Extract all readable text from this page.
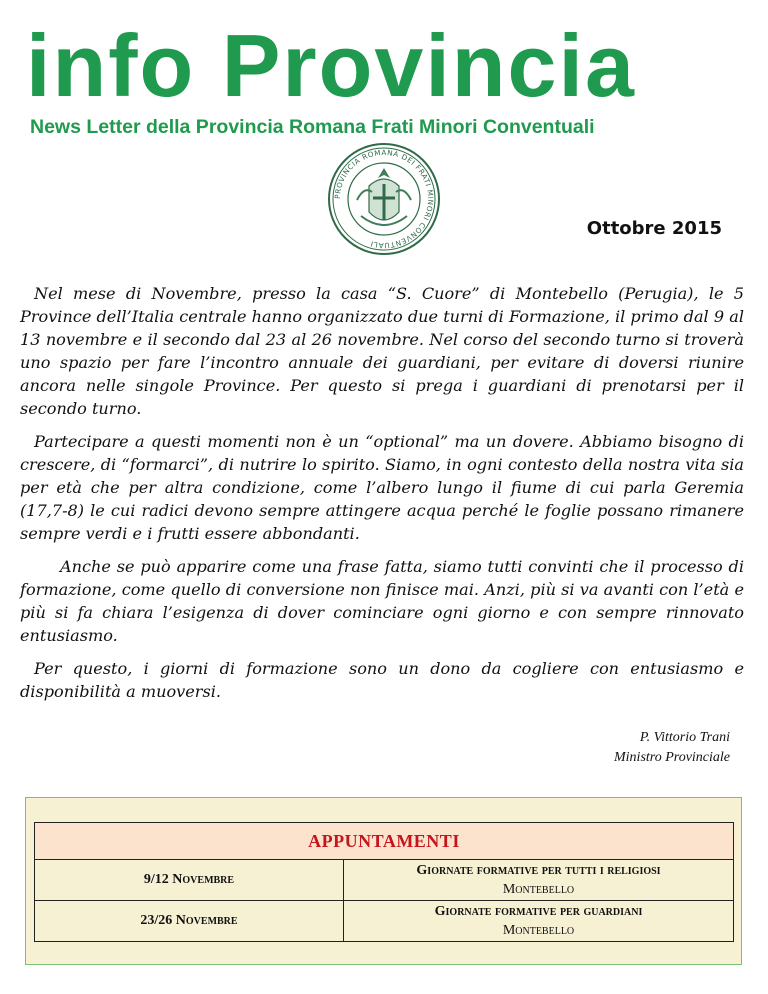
info Provincia
News Letter della Provincia Romana Frati Minori Conventuali
PROVINCIA ROMANA DEI FRATI MINORI CONVENTUALI
Ottobre 2015

Nel mese di Novembre, presso la casa “S. Cuore” di Montebello (Perugia), le 5 Province dell’Italia centrale hanno organizzato due turni di Formazione, il primo dal 9 al 13 novembre e il secondo dal 23 al 26 novembre. Nel corso del secondo turno si troverà uno spazio per fare l’incontro annuale dei guardiani, per evitare di doversi riunire ancora nelle singole Province. Per questo si prega i guardiani di prenotarsi per il secondo turno.

Partecipare a questi momenti non è un “optional” ma un dovere. Abbiamo bisogno di crescere, di “formarci”, di nutrire lo spirito. Siamo, in ogni contesto della nostra vita sia per età che per altra condizione, come l’albero lungo il fiume di cui parla Geremia (17,7-8) le cui radici devono sempre attingere acqua perché le foglie possano rimanere sempre verdi e i frutti essere abbondanti.

Anche se può apparire come una frase fatta, siamo tutti convinti che il processo di formazione, come quello di conversione non finisce mai. Anzi, più si va avanti con l’età e più si fa chiara l’esigenza di dover cominciare ogni giorno e con sempre rinnovato entusiasmo.

Per questo, i giorni di formazione sono un dono da cogliere con entusiasmo e disponibilità a muoversi.

P. Vittorio Trani
Ministro Provinciale
APPUNTAMENTI	
9/12 Novembre	Giornate formative per tutti i religiosi
Montebello

23/26 Novembre	Giornate formative per guardiani
Montebello
